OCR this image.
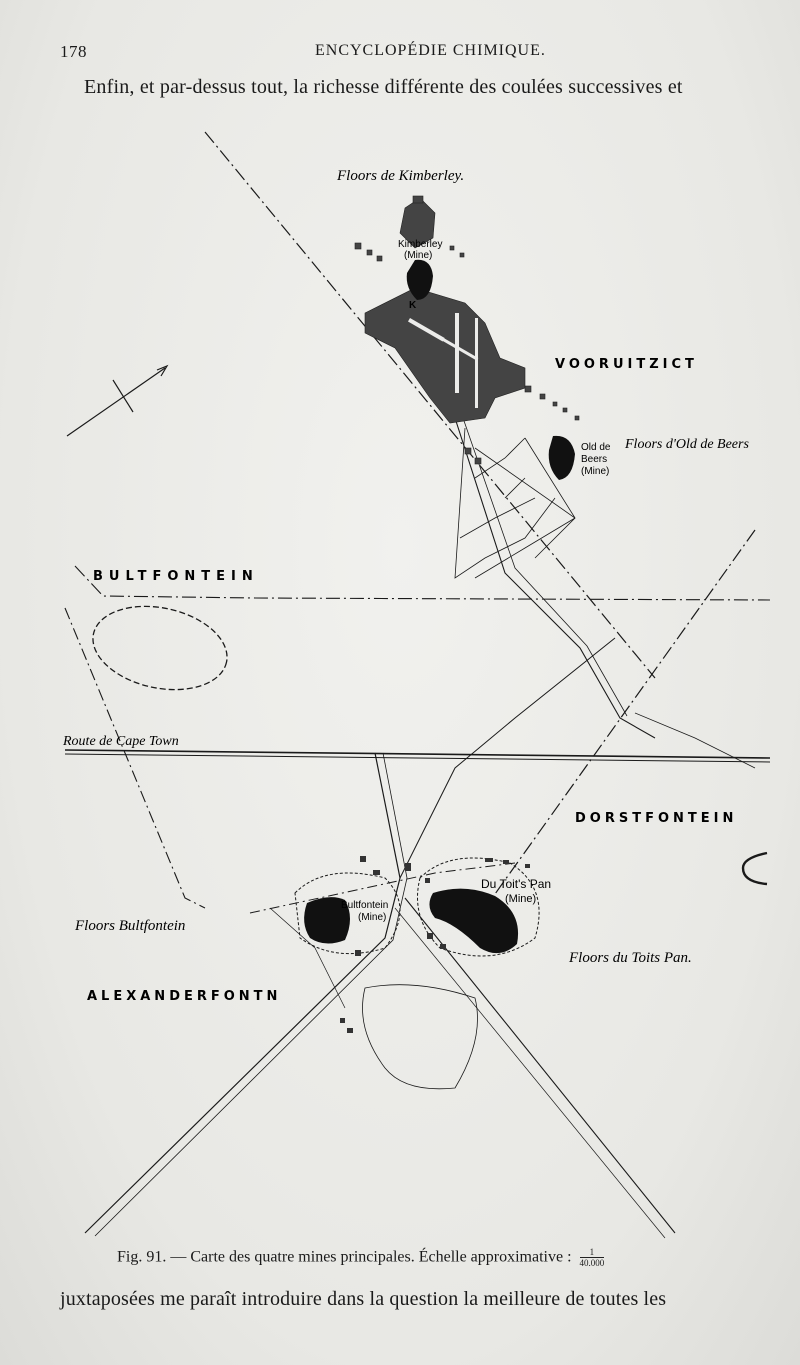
178	ENCYCLOPÉDIE CHIMIQUE.
Enfin, et par-dessus tout, la richesse différente des coulées successives et
Floors de Kimberley.
Kimberley
(Mine)
K
VOORUITZICT
Floors d'Old de Beers
Old de
Beers
(Mine)
BULTFONTEIN
Route de Cape Town
DORSTFONTEIN
Du Toit's Pan
(Mine)
Bultfontein
(Mine)
Floors Bultfontein
Floors du Toits Pan.
ALEXANDERFONTN
Fig. 91. — Carte des quatre mines principales. Échelle approximative : $\frac{1}{40.000}$
juxtaposées me paraît introduire dans la question la meilleure de toutes les
